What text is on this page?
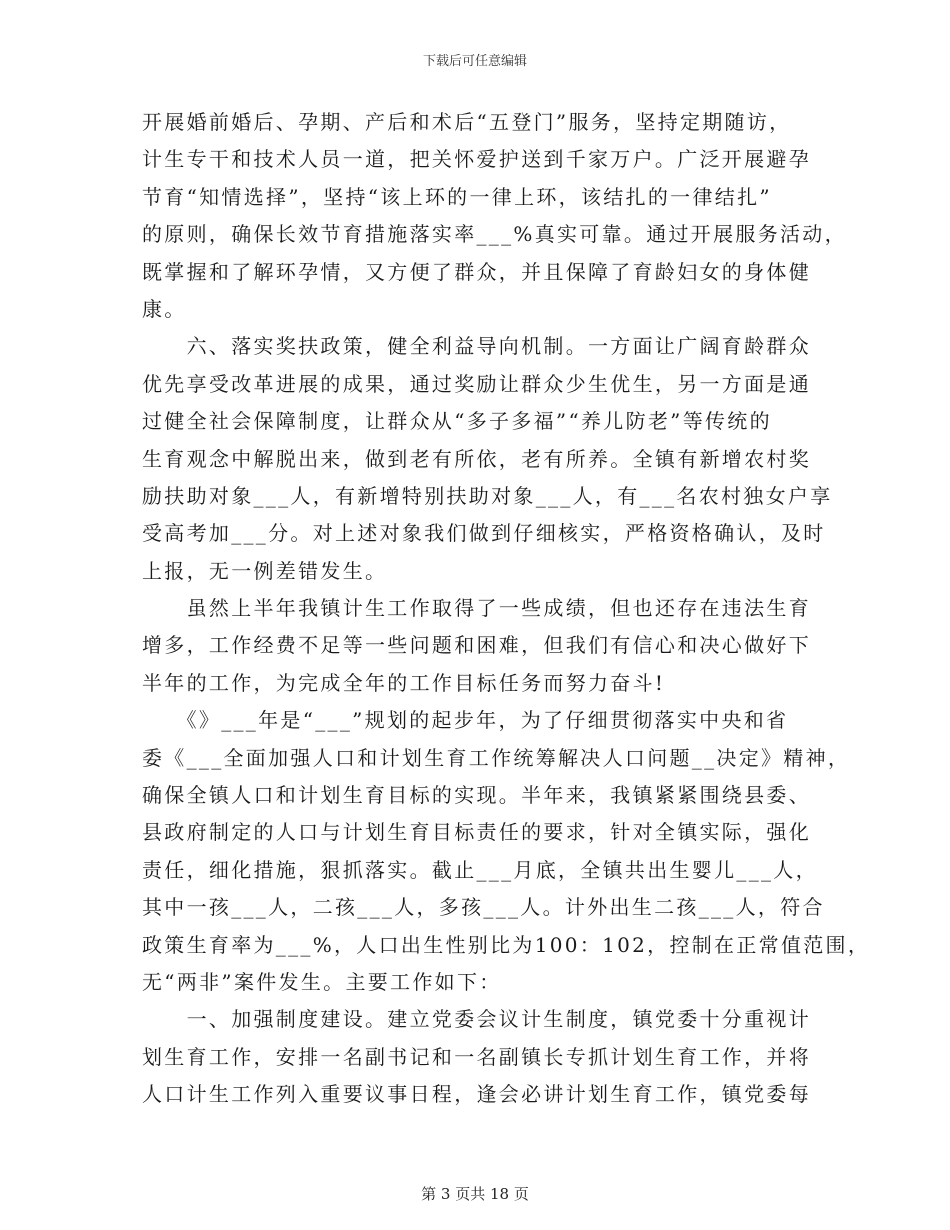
下载后可任意编辑
开展婚前婚后、孕期、产后和术后“五登门”服务，坚持定期随访，
计生专干和技术人员一道，把关怀爱护送到千家万户。广泛开展避孕
节育“知情选择”，坚持“该上环的一律上环，该结扎的一律结扎”
的原则，确保长效节育措施落实率___%真实可靠。通过开展服务活动，
既掌握和了解环孕情，又方便了群众，并且保障了育龄妇女的身体健
康。
　　六、落实奖扶政策，健全利益导向机制。一方面让广阔育龄群众
优先享受改革进展的成果，通过奖励让群众少生优生，另一方面是通
过健全社会保障制度，让群众从“多子多福”“养儿防老”等传统的
生育观念中解脱出来，做到老有所依，老有所养。全镇有新增农村奖
励扶助对象___人，有新增特别扶助对象___人，有___名农村独女户享
受高考加___分。对上述对象我们做到仔细核实，严格资格确认，及时
上报，无一例差错发生。
　　虽然上半年我镇计生工作取得了一些成绩，但也还存在违法生育
增多，工作经费不足等一些问题和困难，但我们有信心和决心做好下
半年的工作，为完成全年的工作目标任务而努力奋斗!
　　《》___年是“___”规划的起步年，为了仔细贯彻落实中央和省
委《___全面加强人口和计划生育工作统筹解决人口问题__决定》精神，
确保全镇人口和计划生育目标的实现。半年来，我镇紧紧围绕县委、
县政府制定的人口与计划生育目标责任的要求，针对全镇实际，强化
责任，细化措施，狠抓落实。截止___月底，全镇共出生婴儿___人，
其中一孩___人，二孩___人，多孩___人。计外出生二孩___人，符合
政策生育率为___%，人口出生性别比为100：102，控制在正常值范围，
无“两非”案件发生。主要工作如下：
　　一、加强制度建设。建立党委会议计生制度，镇党委十分重视计
划生育工作，安排一名副书记和一名副镇长专抓计划生育工作，并将
人口计生工作列入重要议事日程，逢会必讲计划生育工作，镇党委每
第 3 页共 18 页
